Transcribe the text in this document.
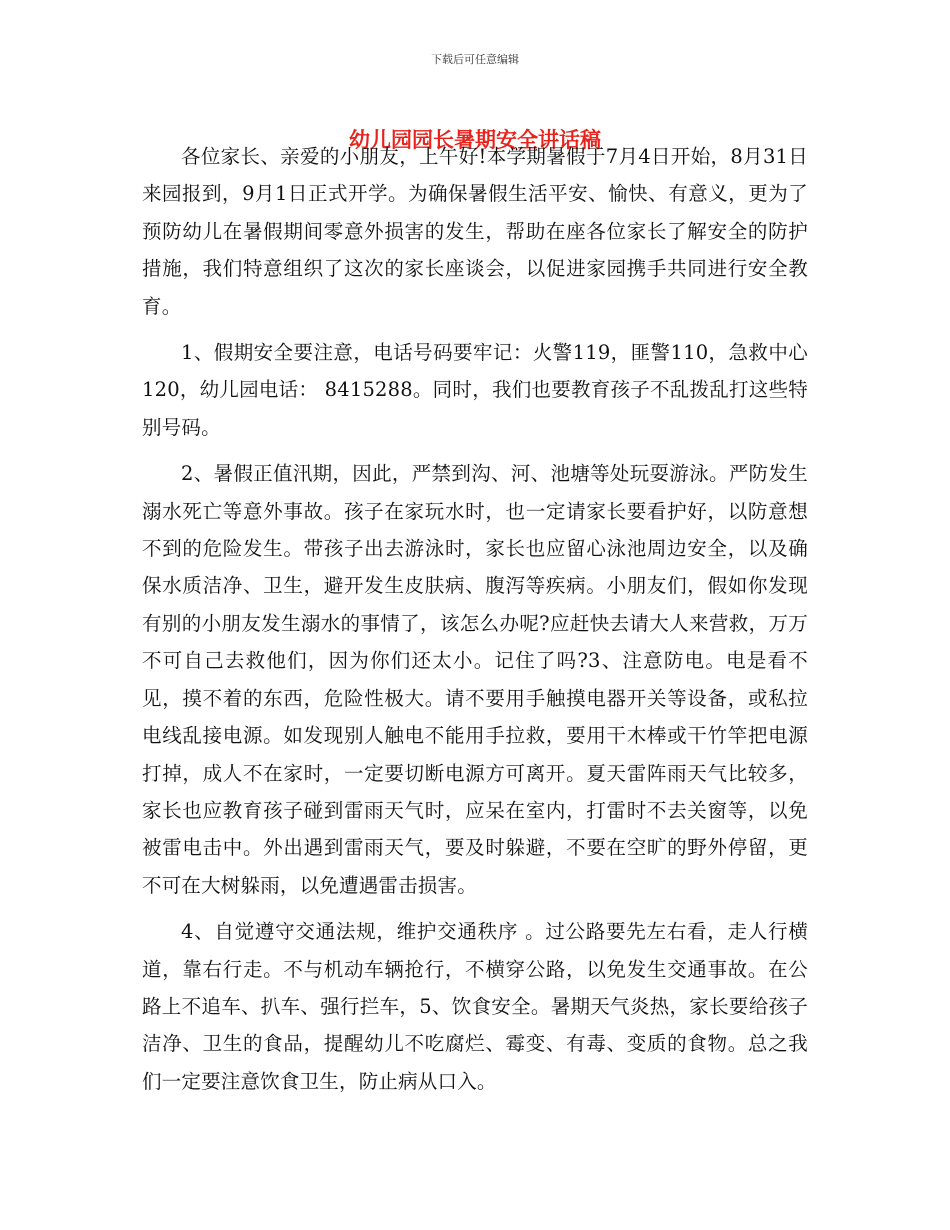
下载后可任意编辑
幼儿园园长暑期安全讲话稿

各位家长、亲爱的小朋友，上午好!本学期暑假于7月4日开始，8月31日来园报到，9月1日正式开学。为确保暑假生活平安、愉快、有意义，更为了预防幼儿在暑假期间零意外损害的发生，帮助在座各位家长了解安全的防护措施，我们特意组织了这次的家长座谈会，以促进家园携手共同进行安全教育。

1、假期安全要注意，电话号码要牢记：火警119，匪警110，急救中心120，幼儿园电话： 8415288。同时，我们也要教育孩子不乱拨乱打这些特别号码。

2、暑假正值汛期，因此，严禁到沟、河、池塘等处玩耍游泳。严防发生溺水死亡等意外事故。孩子在家玩水时，也一定请家长要看护好，以防意想不到的危险发生。带孩子出去游泳时，家长也应留心泳池周边安全，以及确保水质洁净、卫生，避开发生皮肤病、腹泻等疾病。小朋友们，假如你发现有别的小朋友发生溺水的事情了，该怎么办呢?应赶快去请大人来营救，万万不可自己去救他们，因为你们还太小。记住了吗?3、注意防电。电是看不见，摸不着的东西，危险性极大。请不要用手触摸电器开关等设备，或私拉电线乱接电源。如发现别人触电不能用手拉救，要用干木棒或干竹竿把电源打掉，成人不在家时，一定要切断电源方可离开。夏天雷阵雨天气比较多，家长也应教育孩子碰到雷雨天气时，应呆在室内，打雷时不去关窗等，以免被雷电击中。外出遇到雷雨天气，要及时躲避，不要在空旷的野外停留，更不可在大树躲雨，以免遭遇雷击损害。

4、自觉遵守交通法规，维护交通秩序 。过公路要先左右看，走人行横道，靠右行走。不与机动车辆抢行，不横穿公路，以免发生交通事故。在公路上不追车、扒车、强行拦车，5、饮食安全。暑期天气炎热，家长要给孩子洁净、卫生的食品，提醒幼儿不吃腐烂、霉变、有毒、变质的食物。总之我们一定要注意饮食卫生，防止病从口入。
